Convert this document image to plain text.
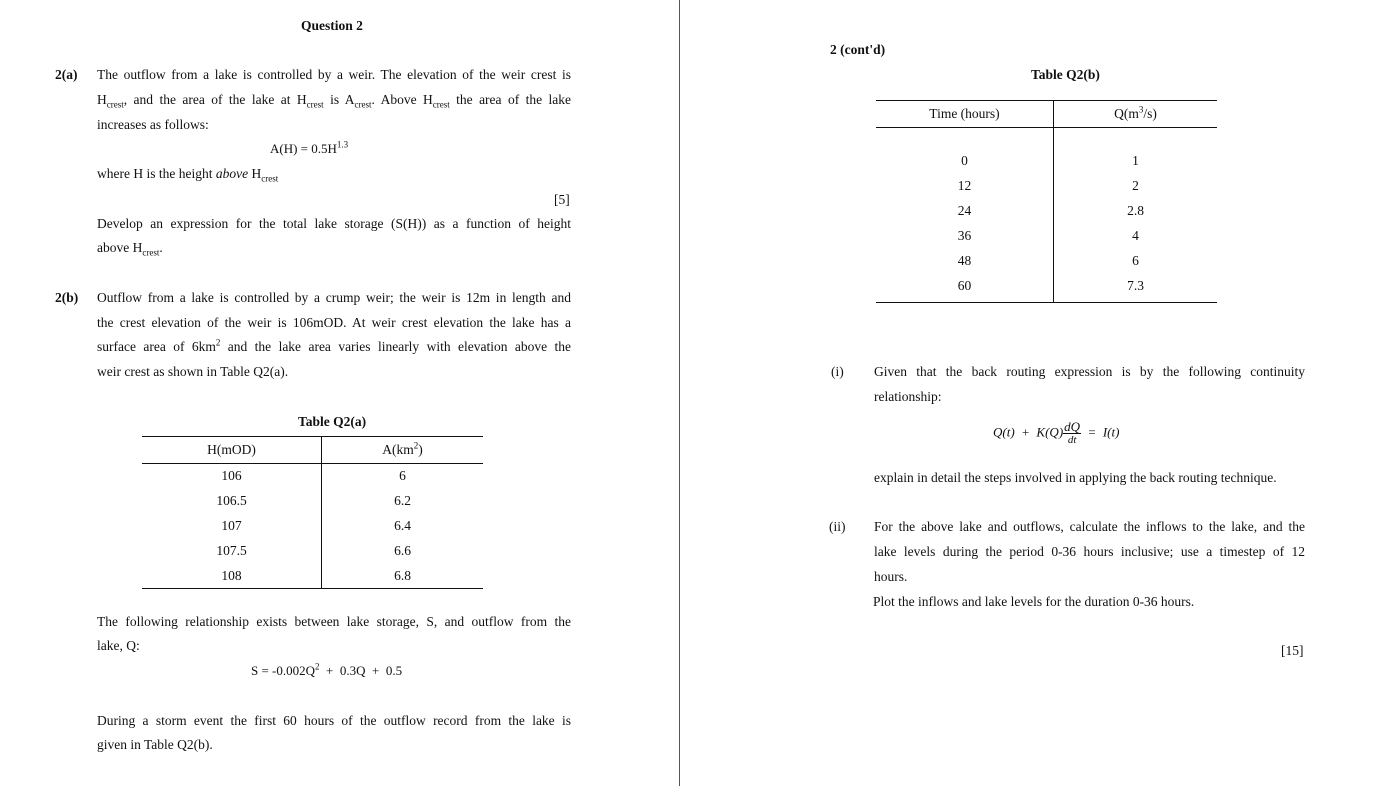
Question 2
2(a) The outflow from a lake is controlled by a weir. The elevation of the weir crest is
$H_{crest}$, and the area of the lake at $H_{crest}$ is $A_{crest}$. Above $H_{crest}$ the area of the lake
increases as follows:
$A(H) = 0.5H^{1.3}$
where H is the height above $H_{crest}$
[5]
Develop an expression for the total lake storage (S(H)) as a function of height
above $H_{crest}$.
2(b) Outflow from a lake is controlled by a crump weir; the weir is 12m in length and
the crest elevation of the weir is 106mOD. At weir crest elevation the lake has a
surface area of $6km^2$ and the lake area varies linearly with elevation above the
weir crest as shown in Table Q2(a).
Table Q2(a)
H(mOD)	$A(km^2)$
106	6
106.5	6.2
107	6.4
107.5	6.6
108	6.8
The following relationship exists between lake storage, S, and outflow from the
lake, Q:
$S = -0.002Q^2 + 0.3Q + 0.5$
During a storm event the first 60 hours of the outflow record from the lake is
given in Table Q2(b).
2 (cont'd)
Table Q2(b)
Time (hours)	$Q(m^3/s)$

0	1
12	2
24	2.8
36	4
48	6
60	7.3

(i) Given that the back routing expression is by the following continuity
relationship:
$Q(t) + K(Q) \frac{dQ}{dt} = I(t)$
explain in detail the steps involved in applying the back routing technique.
(ii) For the above lake and outflows, calculate the inflows to the lake, and the
lake levels during the period 0-36 hours inclusive; use a timestep of 12
hours.
Plot the inflows and lake levels for the duration 0-36 hours.
[15]
